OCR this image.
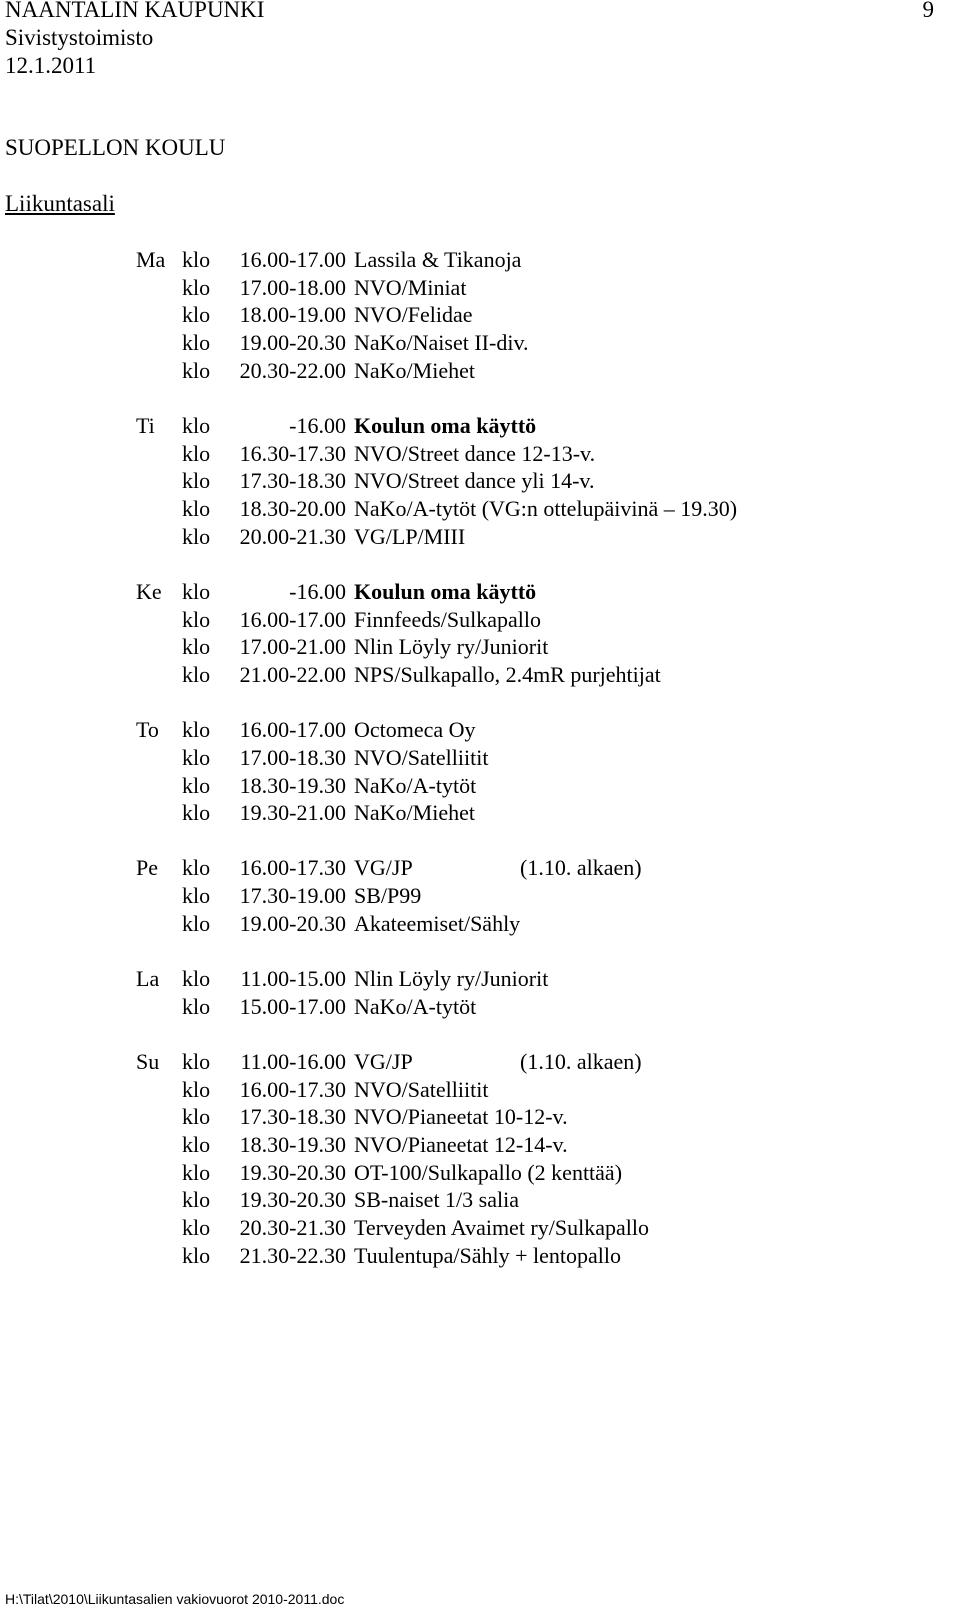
NAANTALIN KAUPUNKI
Sivistystoimisto
12.1.2011
9
SUOPELLON KOULU
Liikuntasali
Ma klo	16.00-17.00 Lassila & Tikanoja
klo	17.00-18.00 NVO/Miniat
klo	18.00-19.00 NVO/Felidae
klo	19.00-20.30 NaKo/Naiset II-div.
klo	20.30-22.00 NaKo/Miehet
Ti	klo	-16.00 Koulun oma käyttö
klo	16.30-17.30 NVO/Street dance 12-13-v.
klo	17.30-18.30 NVO/Street dance yli 14-v.
klo	18.30-20.00 NaKo/A-tytöt (VG:n ottelupäivinä – 19.30)
klo	20.00-21.30 VG/LP/MIII
Ke klo	-16.00 Koulun oma käyttö
klo	16.00-17.00 Finnfeeds/Sulkapallo
klo	17.00-21.00 Nlin Löyly ry/Juniorit
klo	21.00-22.00 NPS/Sulkapallo, 2.4mR purjehtijat
To	klo	16.00-17.00 Octomeca Oy
klo	17.00-18.30 NVO/Satelliitit
klo	18.30-19.30 NaKo/A-tytöt
klo	19.30-21.00 NaKo/Miehet
Pe	klo	16.00-17.30 VG/JP	(1.10. alkaen)
klo	17.30-19.00 SB/P99
klo	19.00-20.30 Akateemiset/Sähly
La	klo	11.00-15.00 Nlin Löyly ry/Juniorit
klo	15.00-17.00 NaKo/A-tytöt
Su	klo	11.00-16.00 VG/JP	(1.10. alkaen)
klo	16.00-17.30 NVO/Satelliitit
klo	17.30-18.30 NVO/Pianeetat 10-12-v.
klo	18.30-19.30 NVO/Pianeetat 12-14-v.
klo	19.30-20.30 OT-100/Sulkapallo (2 kenttää)
klo	19.30-20.30 SB-naiset 1/3 salia
klo	20.30-21.30 Terveyden Avaimet ry/Sulkapallo
klo	21.30-22.30 Tuulentupa/Sähly + lentopallo
H:\Tilat\2010\Liikuntasalien vakiovuorot 2010-2011.doc
